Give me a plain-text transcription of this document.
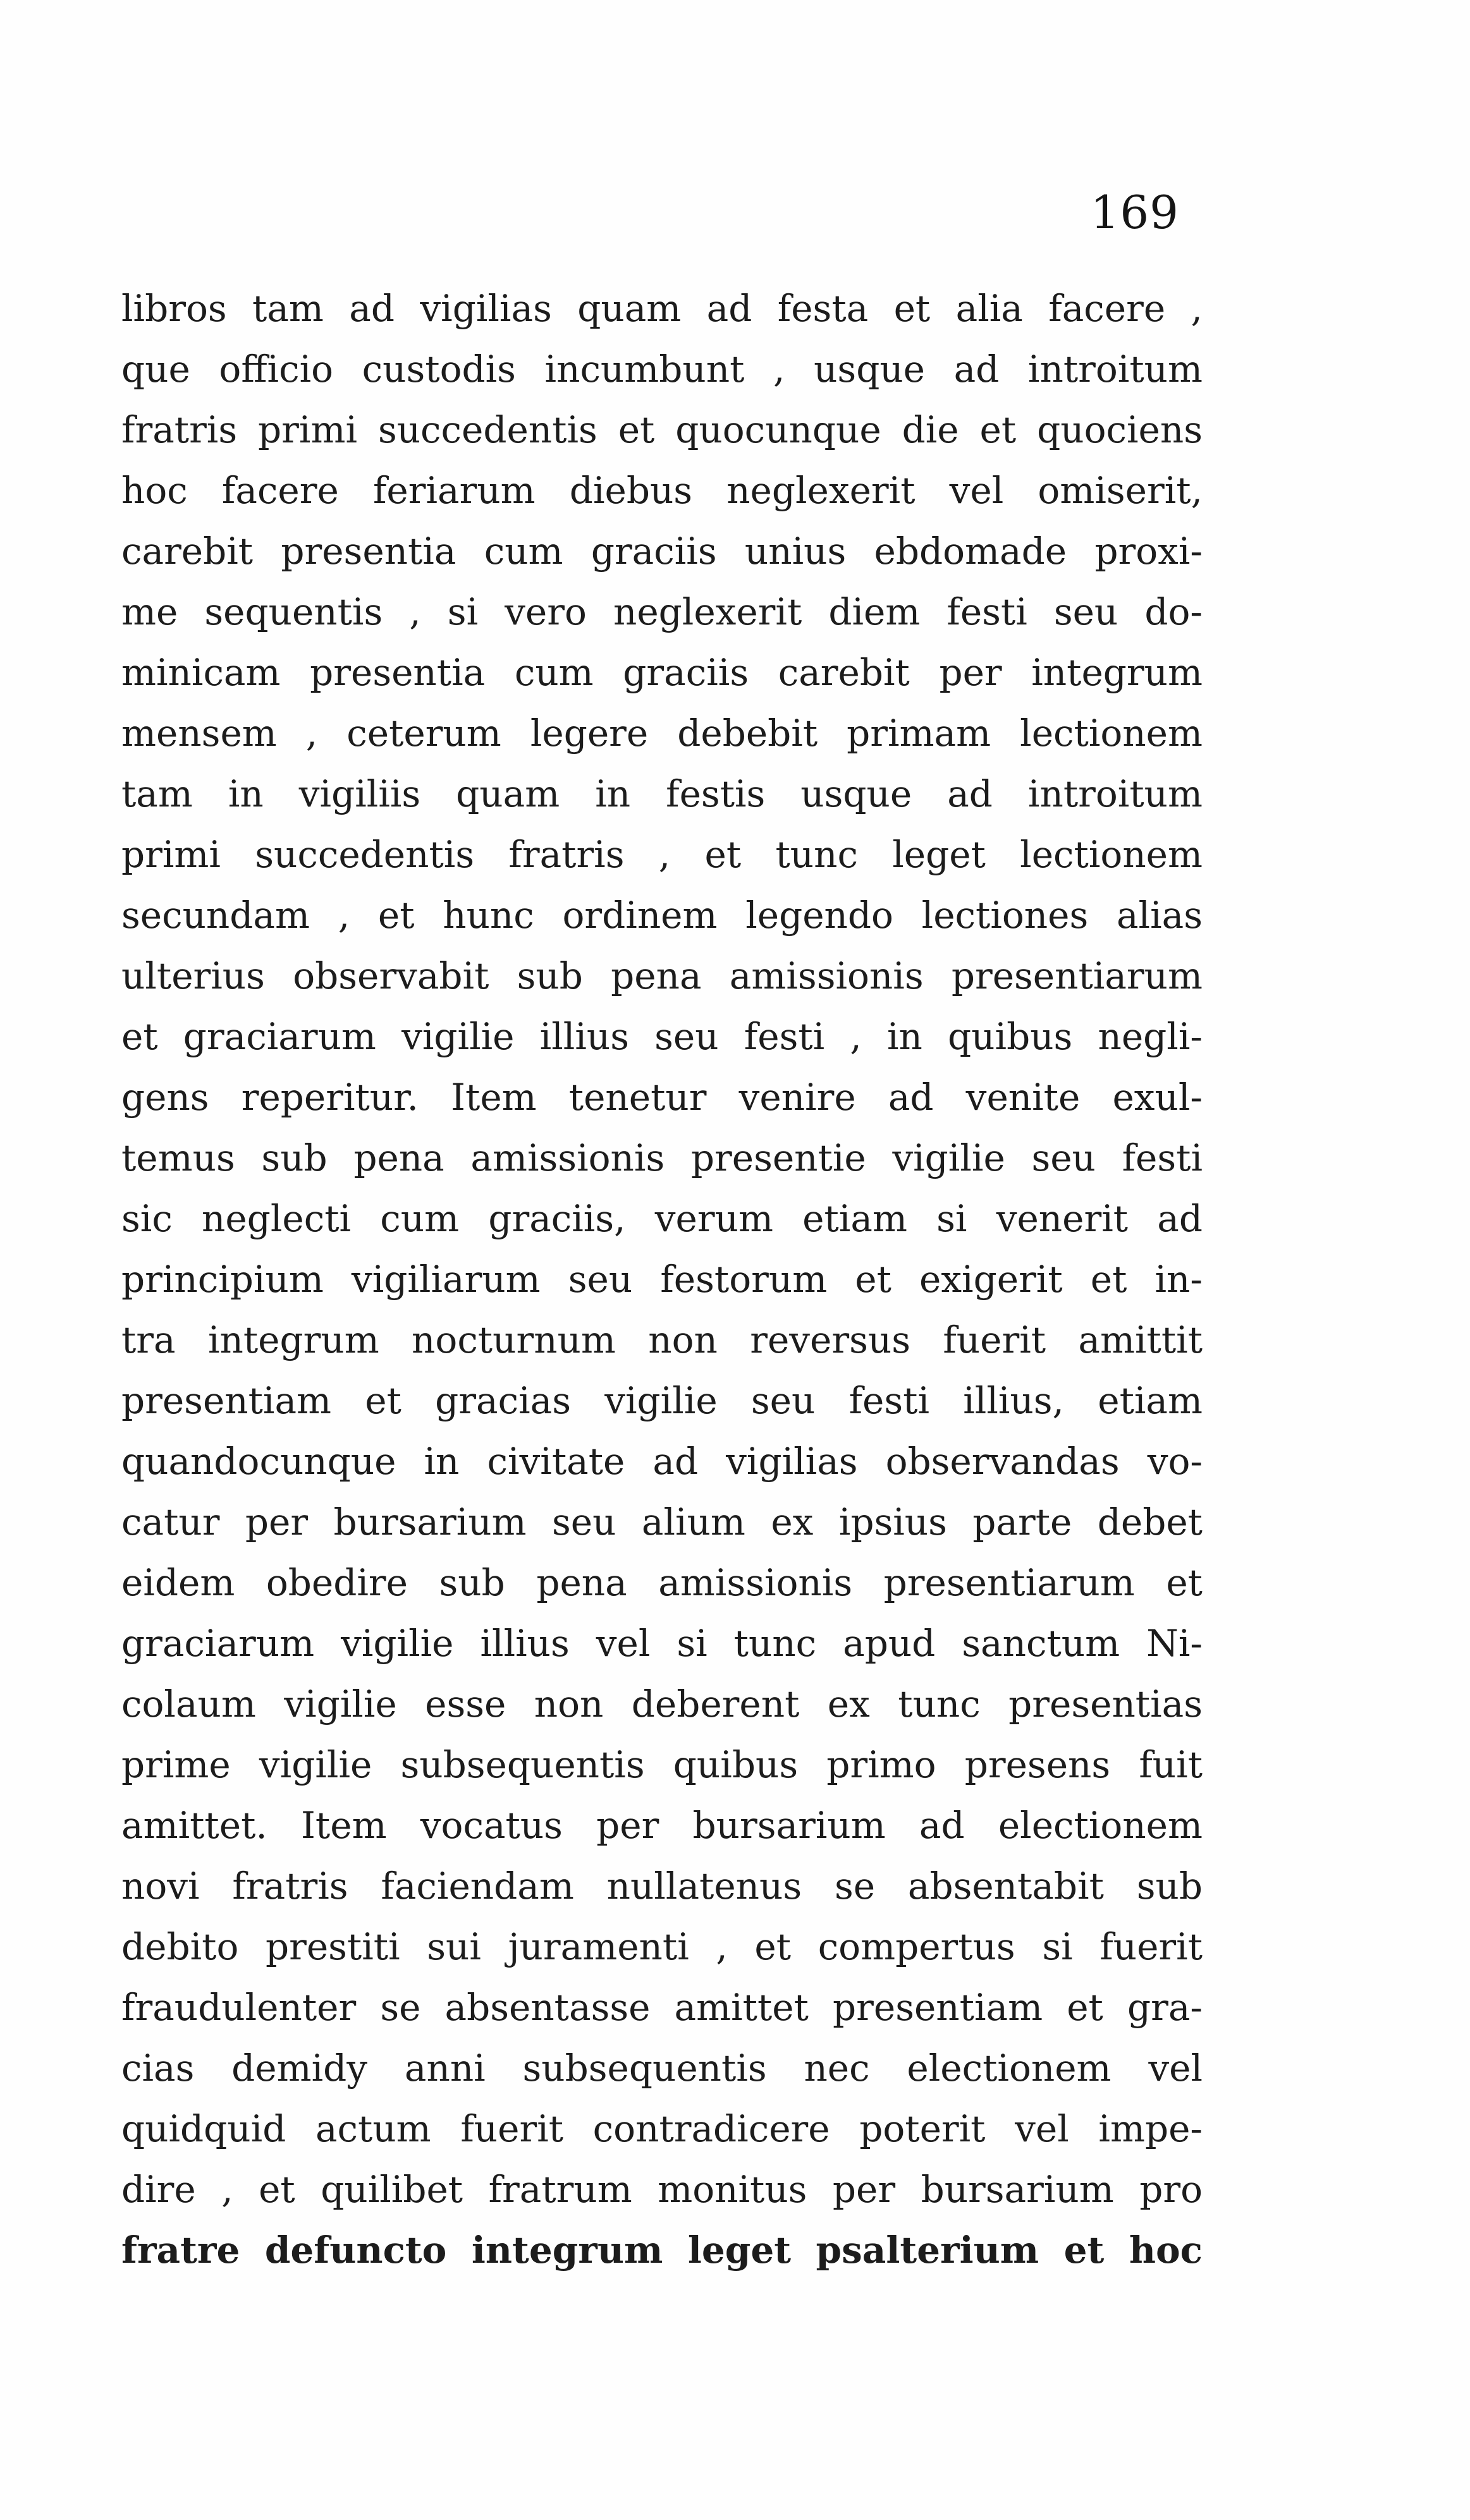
169
libros tam ad vigilias quam ad festa et alia facere ,
que officio custodis incumbunt , usque ad introitum
fratris primi succedentis et quocunque die et quociens
hoc facere feriarum diebus neglexerit vel omiserit,
carebit presentia cum graciis unius ebdomade proxi-
me sequentis , si vero neglexerit diem festi seu do-
minicam presentia cum graciis carebit per integrum
mensem , ceterum legere debebit primam lectionem
tam in vigiliis quam in festis usque ad introitum
primi succedentis fratris , et tunc leget lectionem
secundam , et hunc ordinem legendo lectiones alias
ulterius observabit sub pena amissionis presentiarum
et graciarum vigilie illius seu festi , in quibus negli-
gens reperitur. Item tenetur venire ad venite exul-
temus sub pena amissionis presentie vigilie seu festi
sic neglecti cum graciis, verum etiam si venerit ad
principium vigiliarum seu festorum et exigerit et in-
tra integrum nocturnum non reversus fuerit amittit
presentiam et gracias vigilie seu festi illius, etiam
quandocunque in civitate ad vigilias observandas vo-
catur per bursarium seu alium ex ipsius parte debet
eidem obedire sub pena amissionis presentiarum et
graciarum vigilie illius vel si tunc apud sanctum Ni-
colaum vigilie esse non deberent ex tunc presentias
prime vigilie subsequentis quibus primo presens fuit
amittet. Item vocatus per bursarium ad electionem
novi fratris faciendam nullatenus se absentabit sub
debito prestiti sui juramenti , et compertus si fuerit
fraudulenter se absentasse amittet presentiam et gra-
cias demidy anni subsequentis nec electionem vel
quidquid actum fuerit contradicere poterit vel impe-
dire , et quilibet fratrum monitus per bursarium pro
fratre defuncto integrum leget psalterium et hoc
